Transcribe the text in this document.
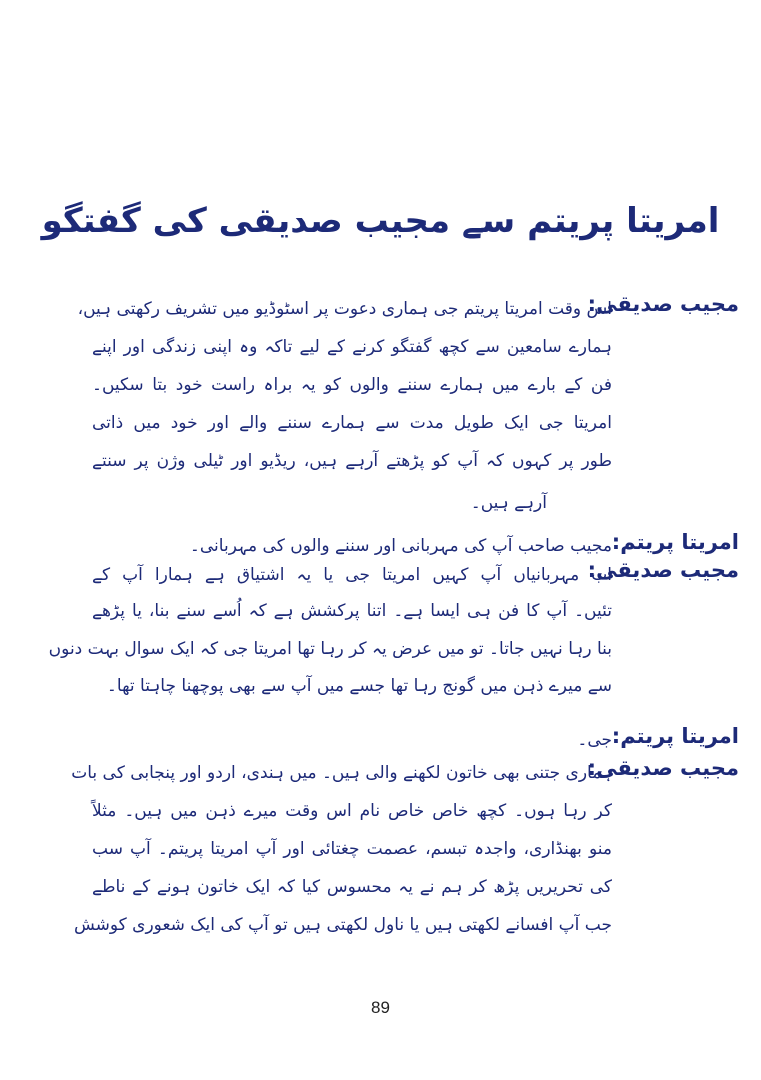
امریتا پریتم سے مجیب صدیقی کی گفتگو
مجیب صدیقی:
اس وقت امریتا پریتم جی ہماری دعوت پر اسٹوڈیو میں تشریف رکھتی ہیں،
ہمارے سامعین سے کچھ گفتگو کرنے کے لیے تاکہ وہ اپنی زندگی اور اپنے
فن کے بارے میں ہمارے سننے والوں کو یہ براہ راست خود بتا سکیں۔
امریتا جی ایک طویل مدت سے ہمارے سننے والے اور خود میں ذاتی
طور پر کہوں کہ آپ کو پڑھتے آرہے ہیں، ریڈیو اور ٹیلی وژن پر سنتے
آرہے ہیں۔
امریتا پریتم:
مجیب صاحب آپ کی مہربانی اور سننے والوں کی مہربانی۔
مجیب صدیقی:
اب مہربانیاں آپ کہیں امریتا جی یا یہ اشتیاق ہے ہمارا آپ کے
تئیں۔ آپ کا فن ہی ایسا ہے۔ اتنا پرکشش ہے کہ اُسے سنے بنا، یا پڑھے
بنا رہا نہیں جاتا۔ تو میں عرض یہ کر رہا تھا امریتا جی کہ ایک سوال بہت دنوں
سے میرے ذہن میں گونج رہا تھا جسے میں آپ سے بھی پوچھنا چاہتا تھا۔
امریتا پریتم:
جی۔
مجیب صدیقی:
ہماری جتنی بھی خاتون لکھنے والی ہیں۔ میں ہندی، اردو اور پنجابی کی بات
کر رہا ہوں۔ کچھ خاص خاص نام اس وقت میرے ذہن میں ہیں۔ مثلاً
منو بھنڈاری، واجدہ تبسم، عصمت چغتائی اور آپ امریتا پریتم۔ آپ سب
کی تحریریں پڑھ کر ہم نے یہ محسوس کیا کہ ایک خاتون ہونے کے ناطے
جب آپ افسانے لکھتی ہیں یا ناول لکھتی ہیں تو آپ کی ایک شعوری کوشش
89
